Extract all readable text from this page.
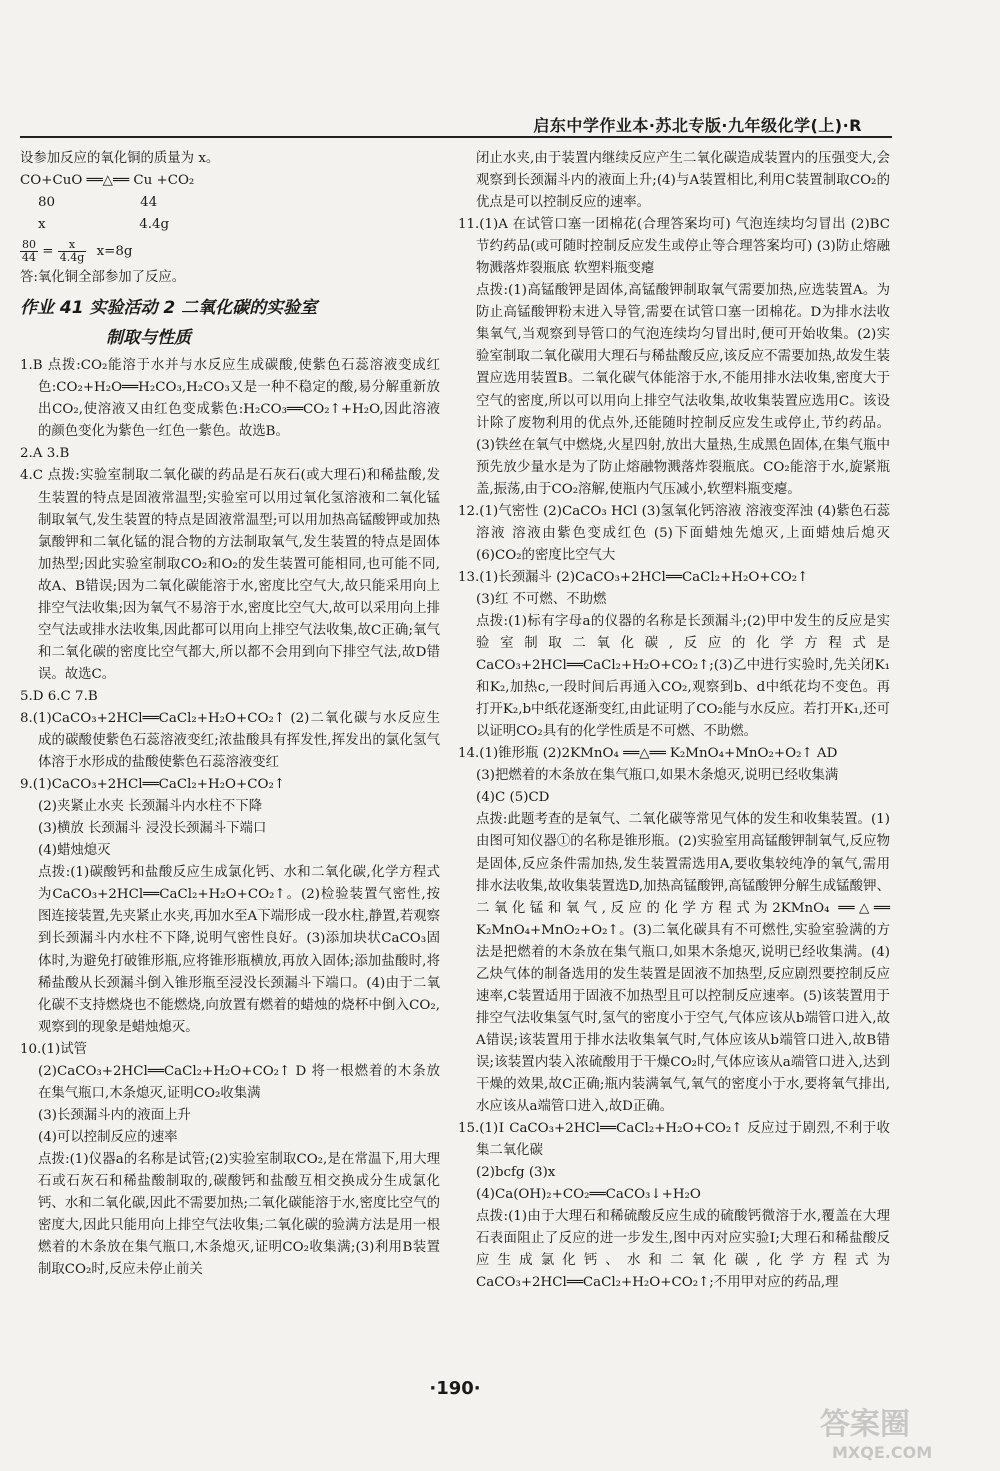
启东中学作业本·苏北专版·九年级化学(上)·R

设参加反应的氧化铜的质量为 x。

CO+CuO ══△══ Cu +CO₂

80                    44

x                      4.4g

$\frac{80}{44} = \frac{x}{4.4g} x=8g$

答:氧化铜全部参加了反应。

作业 41 实验活动 2 二氧化碳的实验室
制取与性质

1.B 点拨:CO₂能溶于水并与水反应生成碳酸,使紫色石蕊溶液变成红色:CO₂+H₂O══H₂CO₃,H₂CO₃又是一种不稳定的酸,易分解重新放出CO₂,使溶液又由红色变成紫色:H₂CO₃══CO₂↑+H₂O,因此溶液的颜色变化为紫色一红色一紫色。故选B。

2.A 3.B

4.C 点拨:实验室制取二氧化碳的药品是石灰石(或大理石)和稀盐酸,发生装置的特点是固液常温型;实验室可以用过氧化氢溶液和二氧化锰制取氧气,发生装置的特点是固液常温型;可以用加热高锰酸钾或加热氯酸钾和二氧化锰的混合物的方法制取氧气,发生装置的特点是固体加热型;因此实验室制取CO₂和O₂的发生装置可能相同,也可能不同,故A、B错误;因为二氧化碳能溶于水,密度比空气大,故只能采用向上排空气法收集;因为氧气不易溶于水,密度比空气大,故可以采用向上排空气法或排水法收集,因此都可以用向上排空气法收集,故C正确;氧气和二氧化碳的密度比空气都大,所以都不会用到向下排空气法,故D错误。故选C。

5.D 6.C 7.B

8.(1)CaCO₃+2HCl══CaCl₂+H₂O+CO₂↑ (2)二氧化碳与水反应生成的碳酸使紫色石蕊溶液变红;浓盐酸具有挥发性,挥发出的氯化氢气体溶于水形成的盐酸使紫色石蕊溶液变红

9.(1)CaCO₃+2HCl══CaCl₂+H₂O+CO₂↑

(2)夹紧止水夹 长颈漏斗内水柱不下降

(3)横放 长颈漏斗 浸没长颈漏斗下端口

(4)蜡烛熄灭

点拨:(1)碳酸钙和盐酸反应生成氯化钙、水和二氧化碳,化学方程式为CaCO₃+2HCl══CaCl₂+H₂O+CO₂↑。(2)检验装置气密性,按图连接装置,先夹紧止水夹,再加水至A下端形成一段水柱,静置,若观察到长颈漏斗内水柱不下降,说明气密性良好。(3)添加块状CaCO₃固体时,为避免打破锥形瓶,应将锥形瓶横放,再放入固体;添加盐酸时,将稀盐酸从长颈漏斗倒入锥形瓶至浸没长颈漏斗下端口。(4)由于二氧化碳不支持燃烧也不能燃烧,向放置有燃着的蜡烛的烧杯中倒入CO₂,观察到的现象是蜡烛熄灭。

10.(1)试管

(2)CaCO₃+2HCl══CaCl₂+H₂O+CO₂↑ D 将一根燃着的木条放在集气瓶口,木条熄灭,证明CO₂收集满

(3)长颈漏斗内的液面上升

(4)可以控制反应的速率

点拨:(1)仪器a的名称是试管;(2)实验室制取CO₂,是在常温下,用大理石或石灰石和稀盐酸制取的,碳酸钙和盐酸互相交换成分生成氯化钙、水和二氧化碳,因此不需要加热;二氧化碳能溶于水,密度比空气的密度大,因此只能用向上排空气法收集;二氧化碳的验满方法是用一根燃着的木条放在集气瓶口,木条熄灭,证明CO₂收集满;(3)利用B装置制取CO₂时,反应未停止前关

闭止水夹,由于装置内继续反应产生二氧化碳造成装置内的压强变大,会观察到长颈漏斗内的液面上升;(4)与A装置相比,利用C装置制取CO₂的优点是可以控制反应的速率。

11.(1)A 在试管口塞一团棉花(合理答案均可) 气泡连续均匀冒出 (2)BC 节约药品(或可随时控制反应发生或停止等合理答案均可) (3)防止熔融物溅落炸裂瓶底 软塑料瓶变瘪

点拨:(1)高锰酸钾是固体,高锰酸钾制取氧气需要加热,应选装置A。为防止高锰酸钾粉末进入导管,需要在试管口塞一团棉花。D为排水法收集氧气,当观察到导管口的气泡连续均匀冒出时,便可开始收集。(2)实验室制取二氧化碳用大理石与稀盐酸反应,该反应不需要加热,故发生装置应选用装置B。二氧化碳气体能溶于水,不能用排水法收集,密度大于空气的密度,所以可以用向上排空气法收集,故收集装置应选用C。该设计除了废物利用的优点外,还能随时控制反应发生或停止,节约药品。(3)铁丝在氧气中燃烧,火星四射,放出大量热,生成黑色固体,在集气瓶中预先放少量水是为了防止熔融物溅落炸裂瓶底。CO₂能溶于水,旋紧瓶盖,振荡,由于CO₂溶解,使瓶内气压减小,软塑料瓶变瘪。

12.(1)气密性 (2)CaCO₃ HCl (3)氢氧化钙溶液 溶液变浑浊 (4)紫色石蕊溶液 溶液由紫色变成红色 (5)下面蜡烛先熄灭,上面蜡烛后熄灭 (6)CO₂的密度比空气大

13.(1)长颈漏斗 (2)CaCO₃+2HCl══CaCl₂+H₂O+CO₂↑

(3)红 不可燃、不助燃

点拨:(1)标有字母a的仪器的名称是长颈漏斗;(2)甲中发生的反应是实验室制取二氧化碳,反应的化学方程式是CaCO₃+2HCl══CaCl₂+H₂O+CO₂↑;(3)乙中进行实验时,先关闭K₁和K₂,加热c,一段时间后再通入CO₂,观察到b、d中纸花均不变色。再打开K₂,b中纸花逐渐变红,由此证明了CO₂能与水反应。若打开K₁,还可以证明CO₂具有的化学性质是不可燃、不助燃。

14.(1)锥形瓶 (2)2KMnO₄ ══△══ K₂MnO₄+MnO₂+O₂↑ AD

(3)把燃着的木条放在集气瓶口,如果木条熄灭,说明已经收集满

(4)C (5)CD

点拨:此题考查的是氧气、二氧化碳等常见气体的发生和收集装置。(1)由图可知仪器①的名称是锥形瓶。(2)实验室用高锰酸钾制氧气,反应物是固体,反应条件需加热,发生装置需选用A,要收集较纯净的氧气,需用排水法收集,故收集装置选D,加热高锰酸钾,高锰酸钾分解生成锰酸钾、二氧化锰和氧气,反应的化学方程式为2KMnO₄ ══△══ K₂MnO₄+MnO₂+O₂↑。(3)二氧化碳具有不可燃性,实验室验满的方法是把燃着的木条放在集气瓶口,如果木条熄灭,说明已经收集满。(4)乙炔气体的制备选用的发生装置是固液不加热型,反应剧烈要控制反应速率,C装置适用于固液不加热型且可以控制反应速率。(5)该装置用于排空气法收集氢气时,氢气的密度小于空气,气体应该从b端管口进入,故A错误;该装置用于排水法收集氧气时,气体应该从b端管口进入,故B错误;该装置内装入浓硫酸用于干燥CO₂时,气体应该从a端管口进入,达到干燥的效果,故C正确;瓶内装满氧气,氧气的密度小于水,要将氧气排出,水应该从a端管口进入,故D正确。

15.(1)Ⅰ CaCO₃+2HCl══CaCl₂+H₂O+CO₂↑ 反应过于剧烈,不利于收集二氧化碳

(2)bcfg (3)x

(4)Ca(OH)₂+CO₂══CaCO₃↓+H₂O

点拨:(1)由于大理石和稀硫酸反应生成的硫酸钙微溶于水,覆盖在大理石表面阻止了反应的进一步发生,图中丙对应实验Ⅰ;大理石和稀盐酸反应生成氯化钙、水和二氧化碳,化学方程式为CaCO₃+2HCl══CaCl₂+H₂O+CO₂↑;不用甲对应的药品,理

·190·
答案圈
MXQE.COM
